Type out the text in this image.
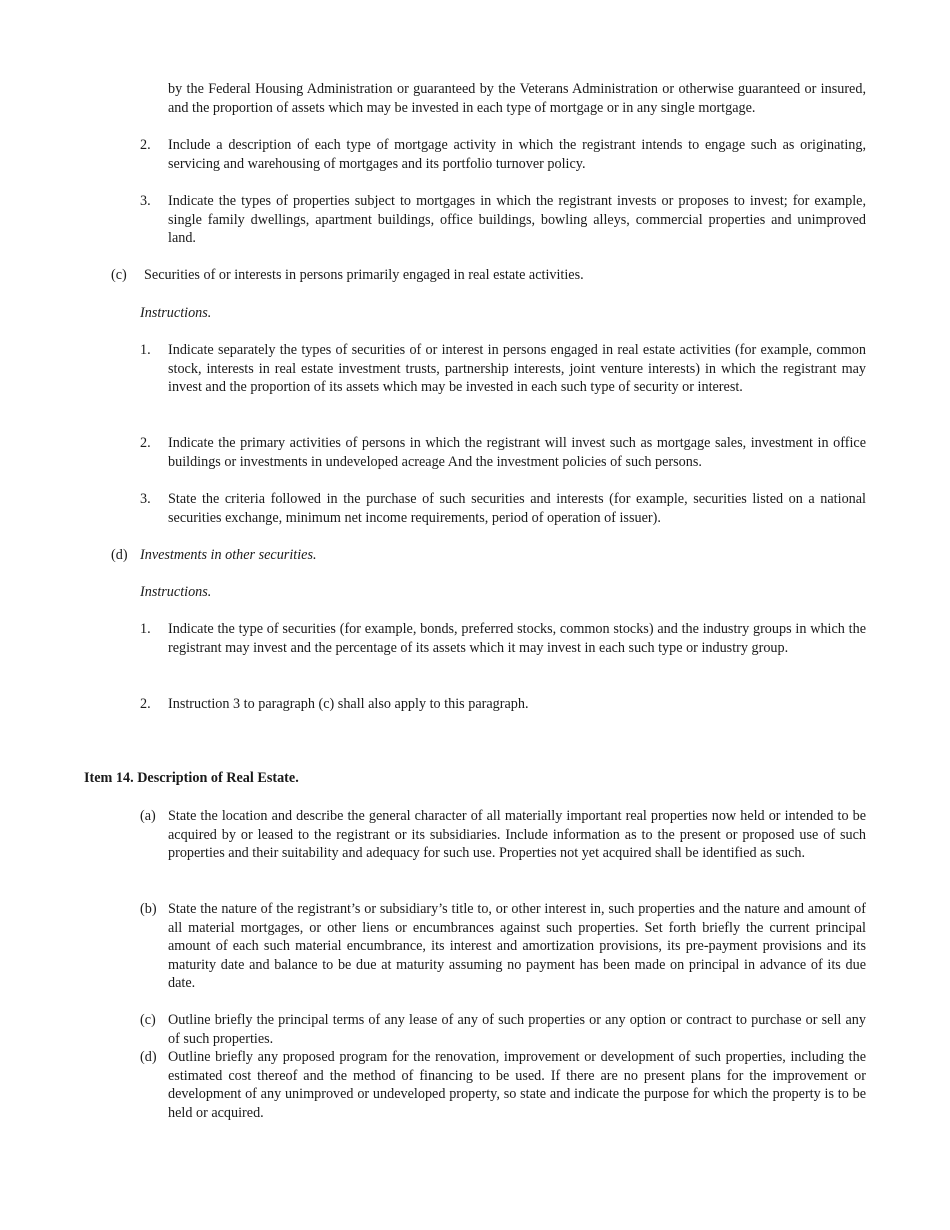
by the Federal Housing Administration or guaranteed by the Veterans Administration or otherwise guaranteed or insured, and the proportion of assets which may be invested in each type of mortgage or in any single mortgage.

2. Include a description of each type of mortgage activity in which the registrant intends to engage such as originating, servicing and warehousing of mortgages and its portfolio turnover policy.

3. Indicate the types of properties subject to mortgages in which the registrant invests or proposes to invest; for example, single family dwellings, apartment buildings, office buildings, bowling alleys, commercial properties and unimproved land.

(c) Securities of or interests in persons primarily engaged in real estate activities.

Instructions.

1. Indicate separately the types of securities of or interest in persons engaged in real estate activities (for example, common stock, interests in real estate investment trusts, partnership interests, joint venture interests) in which the registrant may invest and the proportion of its assets which may be invested in each such type of security or interest.

2. Indicate the primary activities of persons in which the registrant will invest such as mortgage sales, investment in office buildings or investments in undeveloped acreage And the investment policies of such persons.

3. State the criteria followed in the purchase of such securities and interests (for example, securities listed on a national securities exchange, minimum net income requirements, period of operation of issuer).

(d) Investments in other securities.

Instructions.

1. Indicate the type of securities (for example, bonds, preferred stocks, common stocks) and the industry groups in which the registrant may invest and the percentage of its assets which it may invest in each such type or industry group.

2. Instruction 3 to paragraph (c) shall also apply to this paragraph.

Item 14. Description of Real Estate.

(a) State the location and describe the general character of all materially important real properties now held or intended to be acquired by or leased to the registrant or its subsidiaries. Include information as to the present or proposed use of such properties and their suitability and adequacy for such use. Properties not yet acquired shall be identified as such.

(b) State the nature of the registrant’s or subsidiary’s title to, or other interest in, such properties and the nature and amount of all material mortgages, or other liens or encumbrances against such properties. Set forth briefly the current principal amount of each such material encumbrance, its interest and amortization provisions, its pre-payment provisions and its maturity date and balance to be due at maturity assuming no payment has been made on principal in advance of its due date.

(c) Outline briefly the principal terms of any lease of any of such properties or any option or contract to purchase or sell any of such properties.

(d) Outline briefly any proposed program for the renovation, improvement or development of such properties, including the estimated cost thereof and the method of financing to be used. If there are no present plans for the improvement or development of any unimproved or undeveloped property, so state and indicate the purpose for which the property is to be held or acquired.
